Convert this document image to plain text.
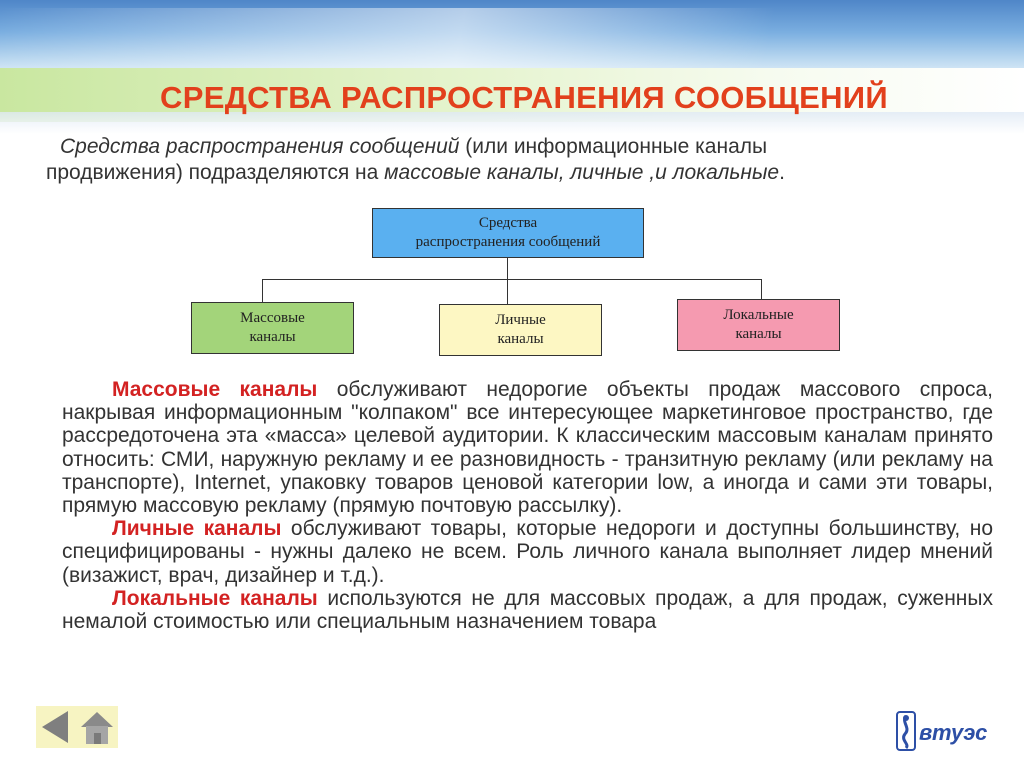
СРЕДСТВА РАСПРОСТРАНЕНИЯ СООБЩЕНИЙ

Средства распространения сообщений (или информационные каналы
продвижения) подразделяются на массовые каналы, личные ,и локальные.

Средства
распространения сообщений
Массовые
каналы
Личные
каналы
Локальные
каналы

Массовые каналы обслуживают недорогие объекты продаж массового спроса, накрывая информационным "колпаком" все интересующее маркетинговое пространство, где рассредоточена эта «масса» целевой аудитории. К классическим массовым каналам принято относить: СМИ, наружную рекламу и ее разновидность - транзитную рекламу (или рекламу на транспорте), Internet, упаковку товаров ценовой категории low, а иногда и сами эти товары, прямую массовую рекламу (прямую почтовую рассылку).

Личные каналы обслуживают товары, которые недороги и доступны большинству, но специфицированы - нужны далеко не всем. Роль личного канала выполняет лидер мнений (визажист, врач, дизайнер и т.д.).

Локальные каналы используются не для массовых продаж, а для продаж, суженных немалой стоимостью или специальным назначением товара

втуэс
